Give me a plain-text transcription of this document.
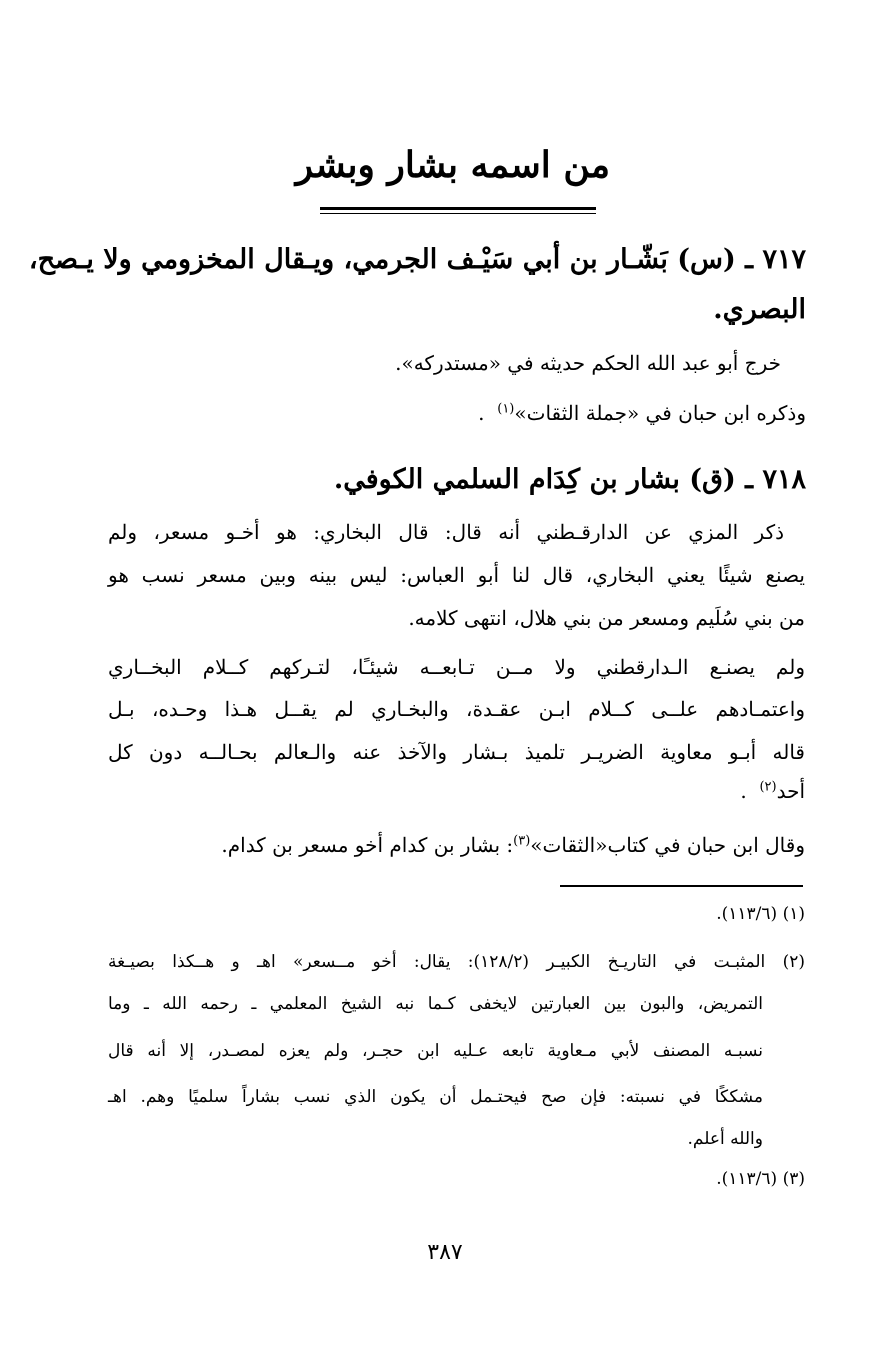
من اسمه بشار وبشر
٧١٧ ـ (س) بَشّـار بن أبي سَيْـف الجرمي، ويـقال المخزومي ولا يـصح،
البصري.
خرج أبو عبد الله الحكم حديثه في «مستدركه».
وذكره ابن حبان في «جملة الثقات»$^{(١)}$  .
٧١٨ ـ (ق) بشار بن كِدَام السلمي الكوفي.
ذكر المزي عن الدارقـطني أنه قال: قال البخاري: هو أخـو مسعر، ولم
يصنع شيئًا يعني البخاري، قال لنا أبو العباس: ليس بينه وبين مسعر نسب هو
من بني سُلَيم ومسعر من بني هلال، انتهى كلامه.
ولم يصنـع الـدارقطني ولا مــن تـابعــه شيئـًا، لتـركهم كــلام البخــاري
واعتمـادهم علــى كــلام ابـن عقـدة، والبخـاري لم يقــل هـذا وحـده، بـل
قاله أبـو معاوية الضريـر تلميذ بـشار والآخذ عنه والـعالم بحـالــه دون كل
أحد$^{(٢)}$  .
وقال ابن حبان في كتاب«الثقات»$^{(٣)}$: بشار بن كدام أخو مسعر بن كدام.
(١) (١١٣/٦).
(٢) المثبـت في التاريـخ الكبيـر (١٢٨/٢): يقال: أخو مــسعر» اهـ و هــكذا بصيـغة
التمريض، والبون بين العبارتين لايخفى كـما نبه الشيخ المعلمي ـ رحمه الله ـ وما
نسبـه المصنف لأبي مـعاوية تابعه عـليه ابن حجـر، ولم يعزه لمصـدر، إلا أنه قال
مشككًا في نسبته: فإن صح فيحتـمل أن يكون الذي نسب بشاراً سلميًا وهم. اهـ
والله أعلم.
(٣) (١١٣/٦).
٣٨٧
